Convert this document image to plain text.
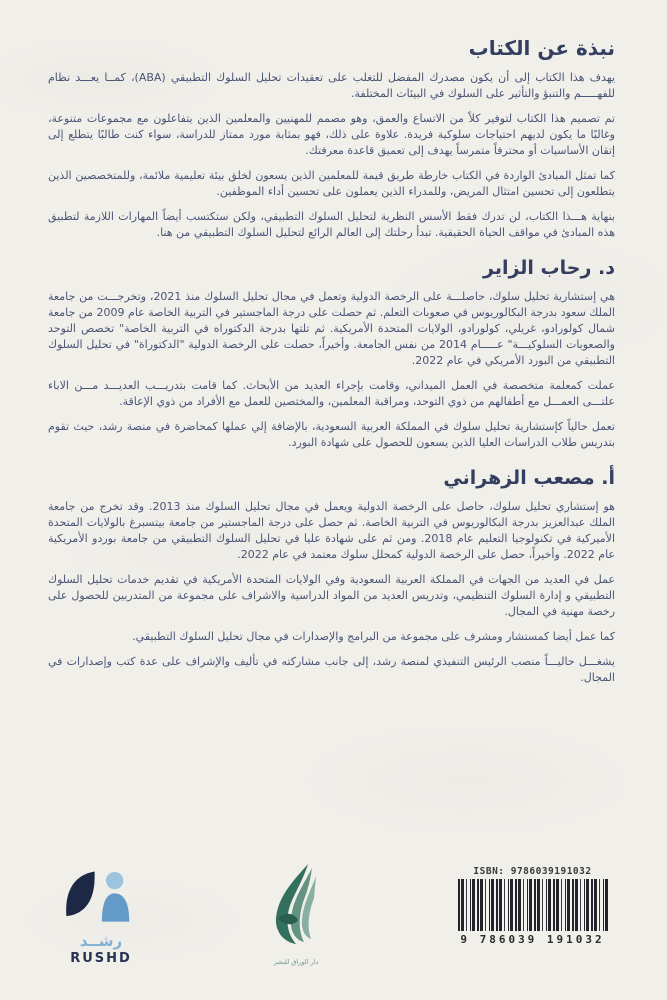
نبذة عن الكتاب

يهدف هذا الكتاب إلى أن يكون مصدرك المفضل للتغلب على تعقيدات تحليل السلوك التطبيقي (ABA)، كمــا يعـــد نظام للفهـــــم والتنبؤ والتأثير على السلوك في البيئات المختلفة.

تم تصميم هذا الكتاب لتوفير كلاً من الاتساع والعمق، وهو مصمم للمهنيين والمعلمين الذين يتفاعلون مع مجموعات متنوعة، وغالبًا ما يكون لديهم احتياجات سلوكية فريدة. علاوة على ذلك، فهو بمثابة مورد ممتاز للدراسة، سواء كنت طالبًا يتطلع إلى إتقان الأساسيات أو محترفاً متمرساً يهدف إلى تعميق قاعدة معرفتك.

كما تمثل المبادئ الواردة في الكتاب خارطة طريق قيمة للمعلمين الذين يسعون لخلق بيئة تعليمية ملائمة، وللمتخصصين الذين يتطلعون إلى تحسين امتثال المريض، وللمدراء الذين يعملون على تحسين أداء الموظفين.

بنهاية هـــذا الكتاب، لن تدرك فقط الأسس النظرية لتحليل السلوك التطبيقي، ولكن ستكتسب أيضاً المهارات اللازمة لتطبيق هذه المبادئ في مواقف الحياة الحقيقية. تبدأ رحلتك إلى العالم الرائع لتحليل السلوك التطبيقي من هنا.

د. رحاب الزاير

هي إستشارية تحليل سلوك، حاصلـــة على الرخصة الدولية وتعمل في مجال تحليل السلوك منذ 2021، وتخرجـــت من جامعة الملك سعود بدرجة البكالوريوس في صعوبات التعلم. ثم حصلت على درجة الماجستير في التربية الخاصة عام 2009 من جامعة شمال كولورادو، غريلي، كولورادو، الولايات المتحدة الأمريكية. ثم تلتها بدرجة الدكتوراه في التربية الخاصة" تخصص التوحد والصعوبات السلوكيـــة" عـــــام 2014 من نفس الجامعة. وأخيراً، حصلت على الرخصة الدولية "الدكتوراة" في تحليل السلوك التطبيقي من البورد الأمريكي في عام 2022.

عملت كمعلمة متخصصة في العمل الميداني، وقامت بإجراء العديد من الأبحاث. كما قامت بتدريـــب العديـــد مـــن الاباء علتـــى العمـــل مع أطفالهم من ذوي التوحد، ومراقبة المعلمين، والمختصين للعمل مع الأفراد من ذوي الإعاقة.

تعمل حالياً كإستشارية تحليل سلوك في المملكة العربية السعودية، بالإضافة إلي عملها كمحاضرة في منصة رشد، حيث تقوم بتدريس طلاب الدراسات العليا الذين يسعون للحصول على شهادة البورد.

أ. مصعب الزهراني

هو إستشاري تحليل سلوك، حاصل على الرخصة الدولية ويعمل في مجال تحليل السلوك منذ 2013. وقد تخرج من جامعة الملك عبدالعزيز بدرجة البكالوريوس في التربية الخاصة. ثم حصل على درجة الماجستير من جامعة بيتسبرغ بالولايات المتحدة الأميركية في تكنولوجيا التعليم عام 2018. ومن ثم على شهادة عليا في تحليل السلوك التطبيقي من جامعة بوردو الأمريكية عام 2022. وأخيراً، حصل على الرخصة الدولية كمحلل سلوك معتمد في عام 2022.

عمل في العديد من الجهات في المملكة العربية السعودية وفي الولايات المتحدة الأمريكية في تقديم خدمات تحليل السلوك التطبيقي و إدارة السلوك التنظيمي، وتدريس العديد من المواد الدراسية والاشراف على مجموعة من المتدربين للحصول على رخصة مهنية في المجال.

كما عمل أيضا كمستشار ومشرف على مجموعة من البرامج والإصدارات في مجال تحليل السلوك التطبيقي.

يشغـــل حاليـــاً منصب الرئيس التنفيذي لمنصة رشد، إلى جانب مشاركته في تأليف والإشراف على عدة كتب وإصدارات في المجال.

رشــد
RUSHD	دار الوراق للنشر
ISBN: 9786039191032
9 786039 191032
